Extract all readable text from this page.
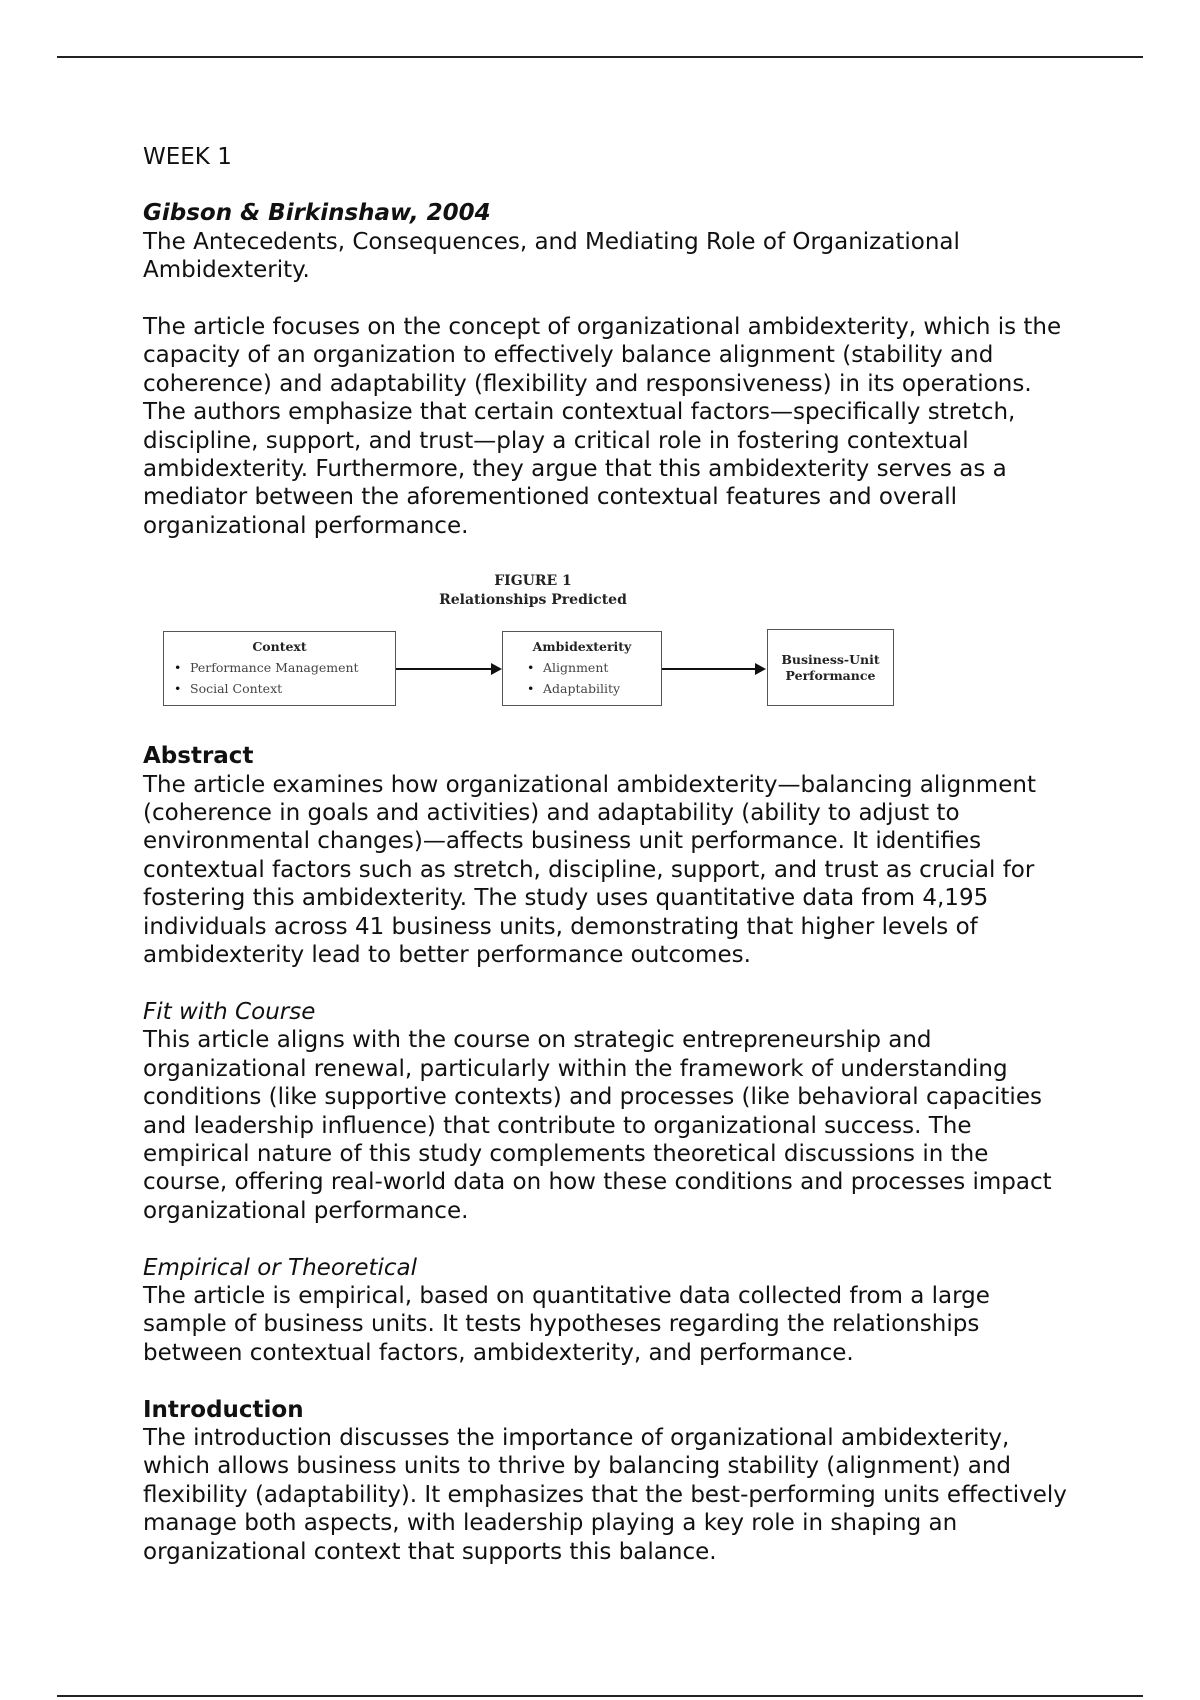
WEEK 1

Gibson & Birkinshaw, 2004

The Antecedents, Consequences, and Mediating Role of Organizational Ambidexterity.

The article focuses on the concept of organizational ambidexterity, which is the capacity of an organization to effectively balance alignment (stability and coherence) and adaptability (flexibility and responsiveness) in its operations. The authors emphasize that certain contextual factors—specifically stretch, discipline, support, and trust—play a critical role in fostering contextual ambidexterity. Furthermore, they argue that this ambidexterity serves as a mediator between the aforementioned contextual features and overall organizational performance.

FIGURE 1
Relationships Predicted
Context
• Performance Management
• Social Context
Ambidexterity
• Alignment
• Adaptability
Business-Unit Performance

Abstract

The article examines how organizational ambidexterity—balancing alignment (coherence in goals and activities) and adaptability (ability to adjust to environmental changes)—affects business unit performance. It identifies contextual factors such as stretch, discipline, support, and trust as crucial for fostering this ambidexterity. The study uses quantitative data from 4,195 individuals across 41 business units, demonstrating that higher levels of ambidexterity lead to better performance outcomes.

Fit with Course

This article aligns with the course on strategic entrepreneurship and organizational renewal, particularly within the framework of understanding conditions (like supportive contexts) and processes (like behavioral capacities and leadership influence) that contribute to organizational success. The empirical nature of this study complements theoretical discussions in the course, offering real-world data on how these conditions and processes impact organizational performance.

Empirical or Theoretical

The article is empirical, based on quantitative data collected from a large sample of business units. It tests hypotheses regarding the relationships between contextual factors, ambidexterity, and performance.

Introduction

The introduction discusses the importance of organizational ambidexterity, which allows business units to thrive by balancing stability (alignment) and flexibility (adaptability). It emphasizes that the best-performing units effectively manage both aspects, with leadership playing a key role in shaping an organizational context that supports this balance.
